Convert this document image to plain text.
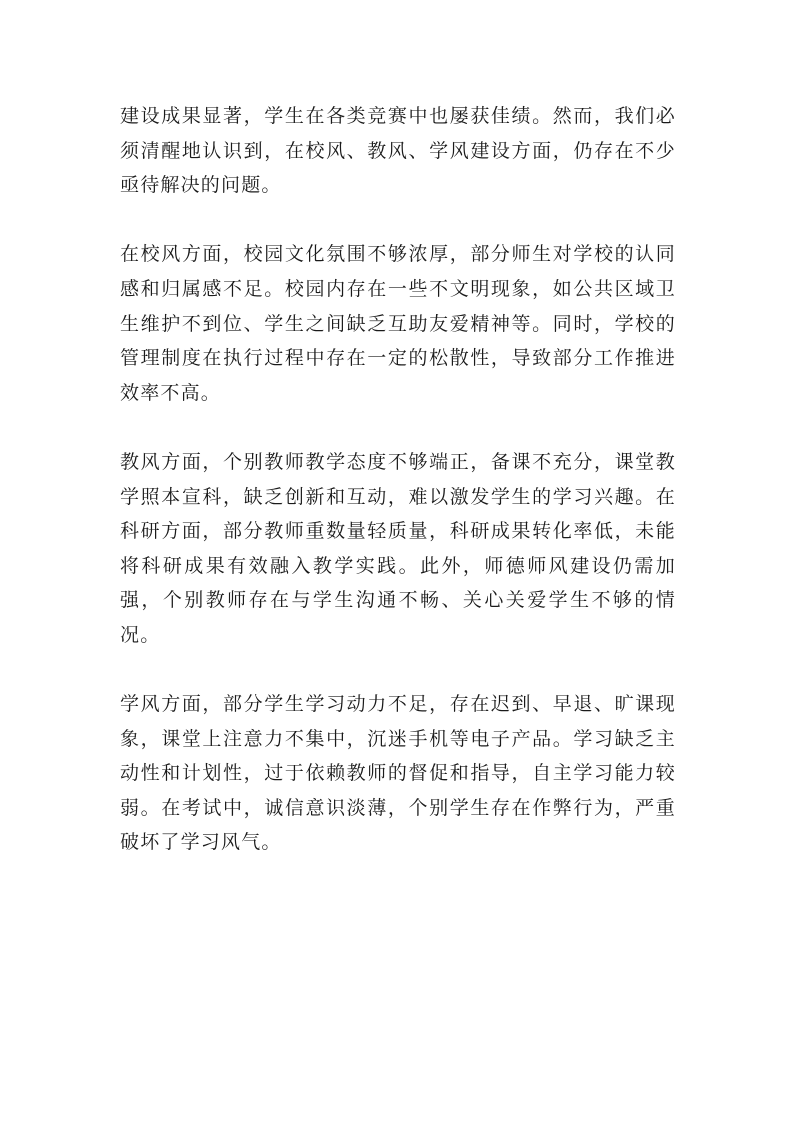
建设成果显著，学生在各类竞赛中也屡获佳绩。然而，我们必须清醒地认识到，在校风、教风、学风建设方面，仍存在不少亟待解决的问题。

在校风方面，校园文化氛围不够浓厚，部分师生对学校的认同感和归属感不足。校园内存在一些不文明现象，如公共区域卫生维护不到位、学生之间缺乏互助友爱精神等。同时，学校的管理制度在执行过程中存在一定的松散性，导致部分工作推进效率不高。

教风方面，个别教师教学态度不够端正，备课不充分，课堂教学照本宣科，缺乏创新和互动，难以激发学生的学习兴趣。在科研方面，部分教师重数量轻质量，科研成果转化率低，未能将科研成果有效融入教学实践。此外，师德师风建设仍需加强，个别教师存在与学生沟通不畅、关心关爱学生不够的情况。

学风方面，部分学生学习动力不足，存在迟到、早退、旷课现象，课堂上注意力不集中，沉迷手机等电子产品。学习缺乏主动性和计划性，过于依赖教师的督促和指导，自主学习能力较弱。在考试中，诚信意识淡薄，个别学生存在作弊行为，严重破坏了学习风气。
